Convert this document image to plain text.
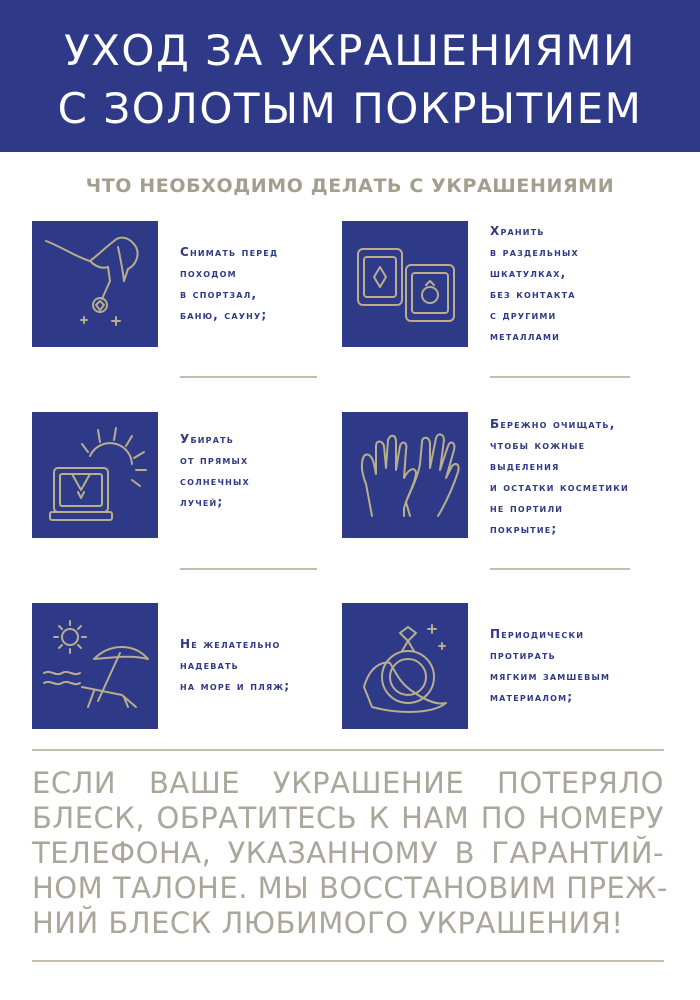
УХОД ЗА УКРАШЕНИЯМИ
С ЗОЛОТЫМ ПОКРЫТИЕМ
ЧТО НЕОБХОДИМО ДЕЛАТЬ С УКРАШЕНИЯМИ
Снимать перед
походом
в спортзал,
баню, сауну;
Хранить
в раздельных
шкатулках,
без контакта
с другими
металлами
Убирать
от прямых
солнечных
лучей;
Бережно очищать,
чтобы кожные
выделения
и остатки косметики
не портили
покрытие;
Не желательно
надевать
на море и пляж;
Периодически
протирать
мягким замшевым
материалом;
ЕСЛИ ВАШЕ УКРАШЕНИЕ ПОТЕРЯЛО
БЛЕСК, ОБРАТИТЕСЬ К НАМ ПО НОМЕРУ
ТЕЛЕФОНА, УКАЗАННОМУ В ГАРАНТИЙ-
НОМ ТАЛОНЕ. МЫ ВОССТАНОВИМ ПРЕЖ-
НИЙ БЛЕСК ЛЮБИМОГО УКРАШЕНИЯ!
